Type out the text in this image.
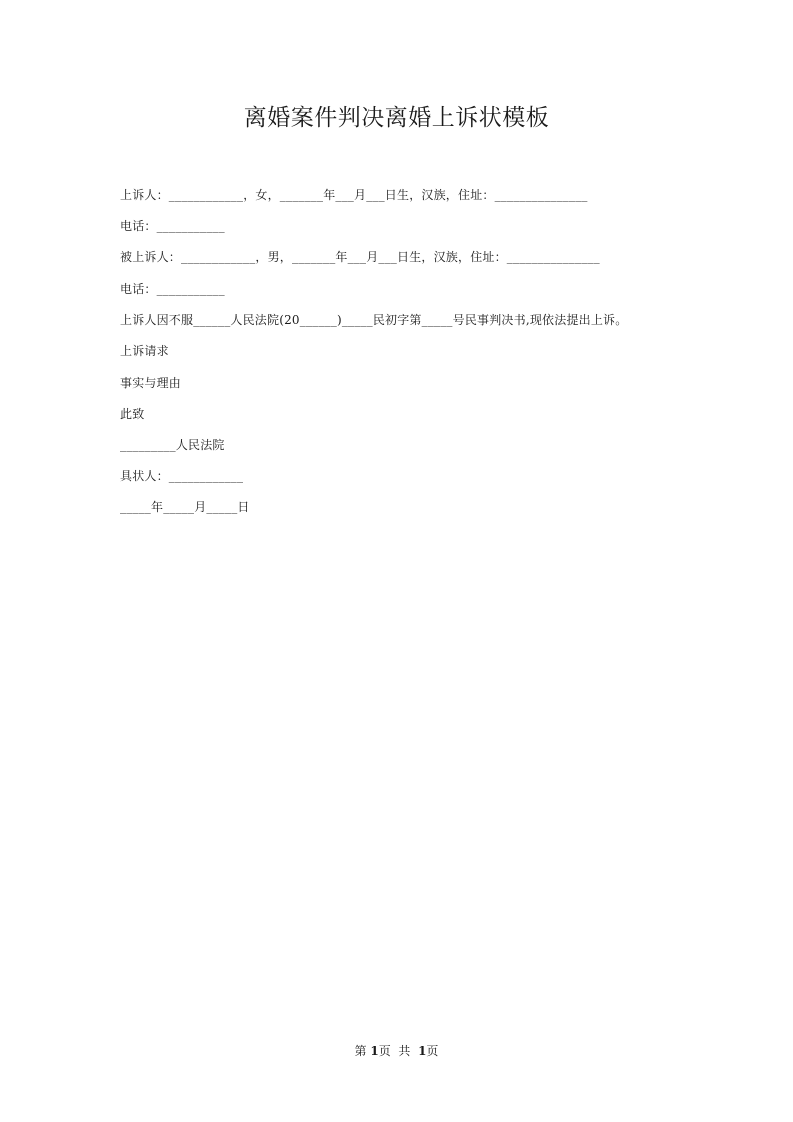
离婚案件判决离婚上诉状模板
上诉人：____________，女，_______年___月___日生，汉族，住址：_______________
电话：___________
被上诉人：____________，男，_______年___月___日生，汉族，住址：_______________
电话：___________
上诉人因不服______人民法院(20______)_____民初字第_____号民事判决书,现依法提出上诉。
上诉请求
事实与理由
此致
_________人民法院
具状人：____________
_____年_____月_____日
第 1页 共 1页
